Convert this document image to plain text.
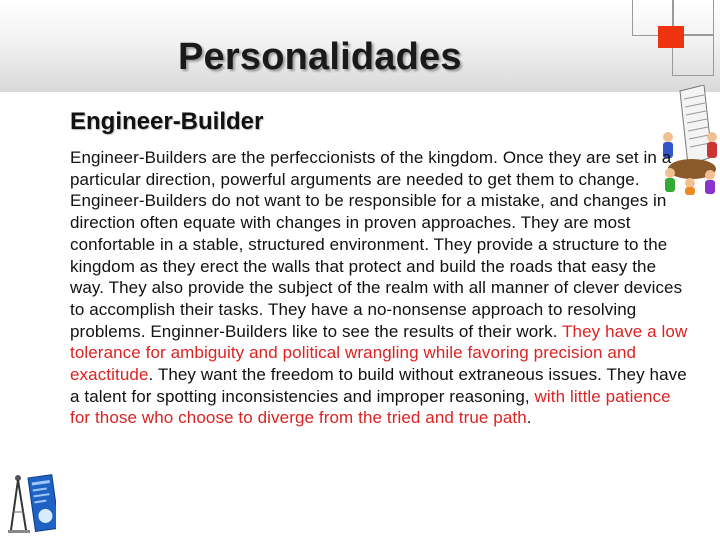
Personalidades
Engineer-Builder
Engineer-Builders are the perfeccionists of the kingdom. Once they are set in a particular direction, powerful arguments are needed to get them to change. Engineer-Builders do not want to be responsible for a mistake, and changes in direction often equate with changes in proven approaches. They are most confortable in a stable, structured environment. They provide a structure to the kingdom as they erect the walls that protect and build the roads that easy the way. They also provide the subject of the realm with all manner of clever devices to accomplish their tasks. They have a no-nonsense approach to resolving problems. Enginner-Builders like to see the results of their work. They have a low tolerance for ambiguity and political wrangling while favoring precision and exactitude. They want the freedom to build without extraneous issues. They have a talent for spotting inconsistencies and improper reasoning, with little patience for those who choose to diverge from the tried and true path.
